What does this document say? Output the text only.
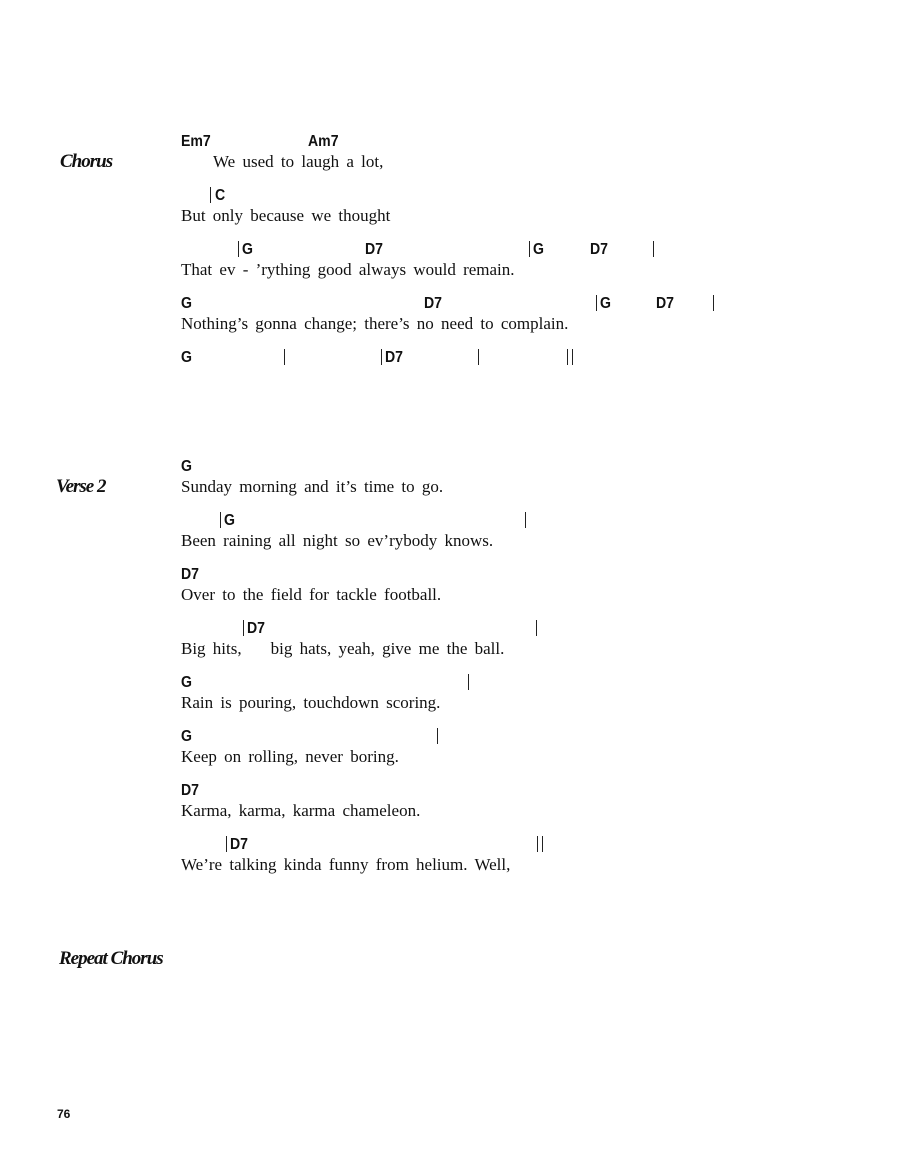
Chorus
Em7	Am7
We used to laugh a lot,
C
But only because we thought
G	D7	G	D7
That ev - ’rything good always would remain.
G	D7	G	D7
Nothing’s gonna change; there’s no need to complain.
G	D7
Verse 2
G
Sunday morning and it’s time to go.
G
Been raining all night so ev’rybody knows.
D7
Over to the field for tackle football.
D7
Big hits,    big hats, yeah, give me the ball.
G
Rain is pouring, touchdown scoring.
G
Keep on rolling, never boring.
D7
Karma, karma, karma chameleon.
D7
We’re talking kinda funny from helium. Well,
Repeat Chorus
76
